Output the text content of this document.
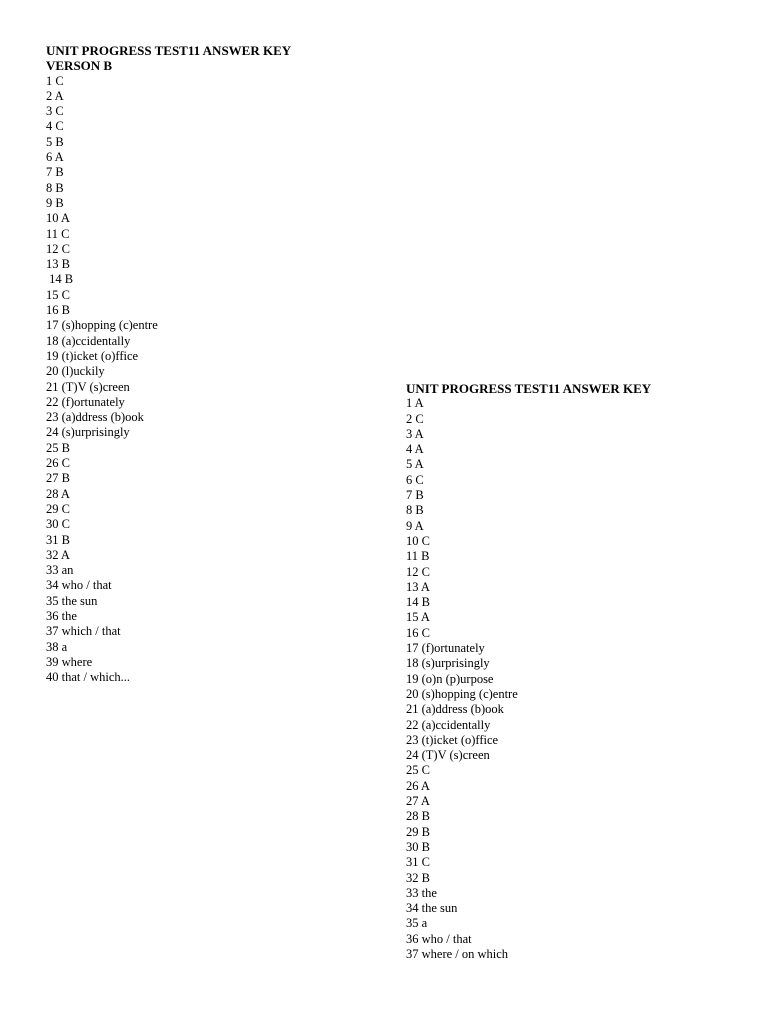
UNIT PROGRESS TEST11 ANSWER KEY
VERSON B
1 C
2 A
3 C
4 C
5 B
6 A
7 B
8 B
9 B
10 A
11 C
12 C
13 B
14 B
15 C
16 B
17 (s)hopping (c)entre
18 (a)ccidentally
19 (t)icket (o)ffice
20 (l)uckily
21 (T)V (s)creen
22 (f)ortunately
23 (a)ddress (b)ook
24 (s)urprisingly
25 B
26 C
27 B
28 A
29 C
30 C
31 B
32 A
33 an
34 who / that
35 the sun
36 the
37 which / that
38 a
39 where
40 that / which...
UNIT PROGRESS TEST11 ANSWER KEY
1 A
2 C
3 A
4 A
5 A
6 C
7 B
8 B
9 A
10 C
11 B
12 C
13 A
14 B
15 A
16 C
17 (f)ortunately
18 (s)urprisingly
19 (o)n (p)urpose
20 (s)hopping (c)entre
21 (a)ddress (b)ook
22 (a)ccidentally
23 (t)icket (o)ffice
24 (T)V (s)creen
25 C
26 A
27 A
28 B
29 B
30 B
31 C
32 B
33 the
34 the sun
35 a
36 who / that
37 where / on which
